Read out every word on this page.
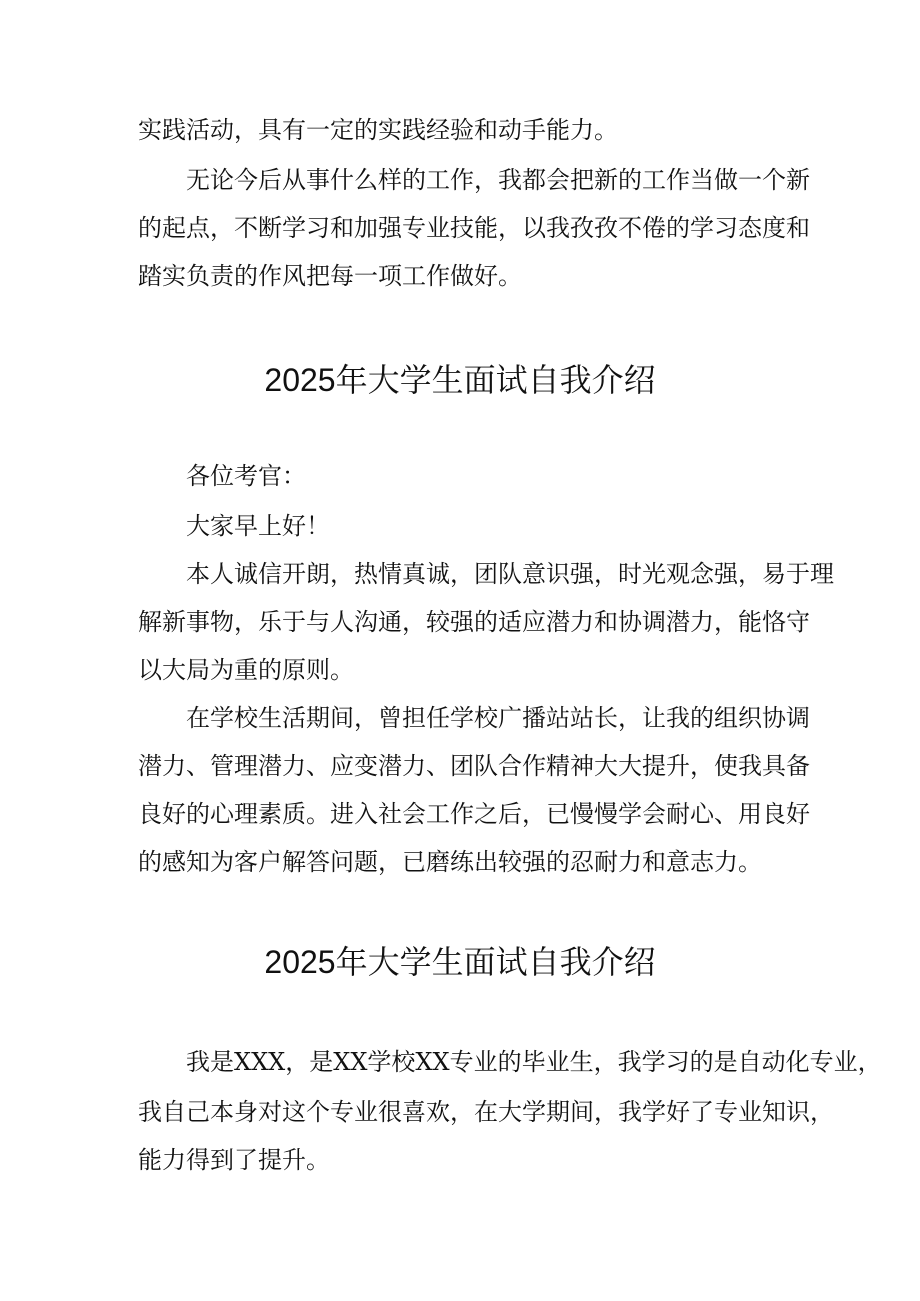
实践活动，具有一定的实践经验和动手能力。

无论今后从事什么样的工作，我都会把新的工作当做一个新

的起点，不断学习和加强专业技能，以我孜孜不倦的学习态度和

踏实负责的作风把每一项工作做好。

2025年大学生面试自我介绍

各位考官：

大家早上好！

本人诚信开朗，热情真诚，团队意识强，时光观念强，易于理

解新事物，乐于与人沟通，较强的适应潜力和协调潜力，能恪守

以大局为重的原则。

在学校生活期间，曾担任学校广播站站长，让我的组织协调

潜力、管理潜力、应变潜力、团队合作精神大大提升，使我具备

良好的心理素质。进入社会工作之后，已慢慢学会耐心、用良好

的感知为客户解答问题，已磨练出较强的忍耐力和意志力。

2025年大学生面试自我介绍

我是XXX，是XX学校XX专业的毕业生，我学习的是自动化专业，

我自己本身对这个专业很喜欢，在大学期间，我学好了专业知识，

能力得到了提升。
